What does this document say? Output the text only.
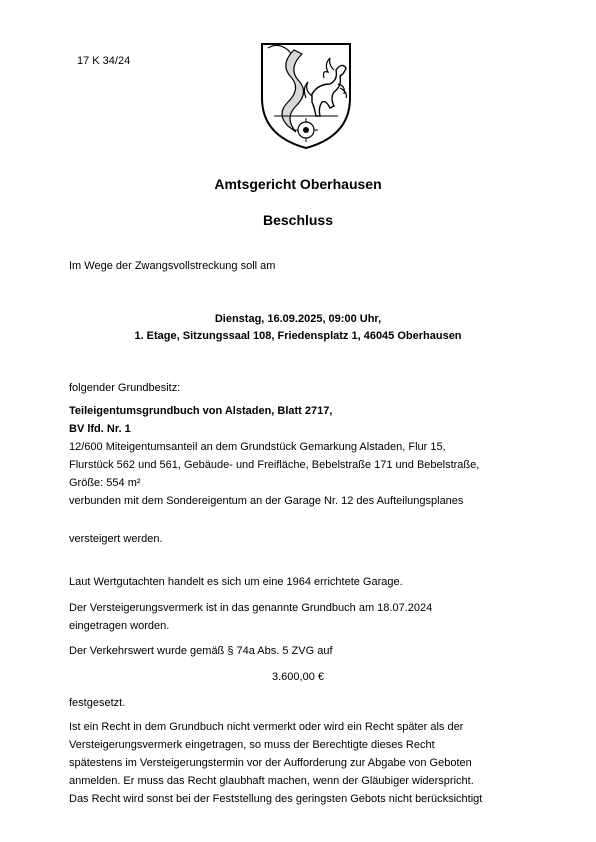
17 K 34/24
Amtsgericht Oberhausen
Beschluss
Im Wege der Zwangsvollstreckung soll am
Dienstag, 16.09.2025, 09:00 Uhr,
1. Etage, Sitzungssaal 108, Friedensplatz 1, 46045 Oberhausen
folgender Grundbesitz:
Teileigentumsgrundbuch von Alstaden, Blatt 2717,
BV lfd. Nr. 1
12/600 Miteigentumsanteil an dem Grundstück Gemarkung Alstaden, Flur 15,
Flurstück 562 und 561, Gebäude- und Freifläche, Bebelstraße 171 und Bebelstraße,
Größe: 554 m²
verbunden mit dem Sondereigentum an der Garage Nr. 12 des Aufteilungsplanes
versteigert werden.
Laut Wertgutachten handelt es sich um eine 1964 errichtete Garage.
Der Versteigerungsvermerk ist in das genannte Grundbuch am 18.07.2024
eingetragen worden.
Der Verkehrswert wurde gemäß § 74a Abs. 5 ZVG auf
3.600,00 €
festgesetzt.
Ist ein Recht in dem Grundbuch nicht vermerkt oder wird ein Recht später als der
Versteigerungsvermerk eingetragen, so muss der Berechtigte dieses Recht
spätestens im Versteigerungstermin vor der Aufforderung zur Abgabe von Geboten
anmelden. Er muss das Recht glaubhaft machen, wenn der Gläubiger widerspricht.
Das Recht wird sonst bei der Feststellung des geringsten Gebots nicht berücksichtigt
